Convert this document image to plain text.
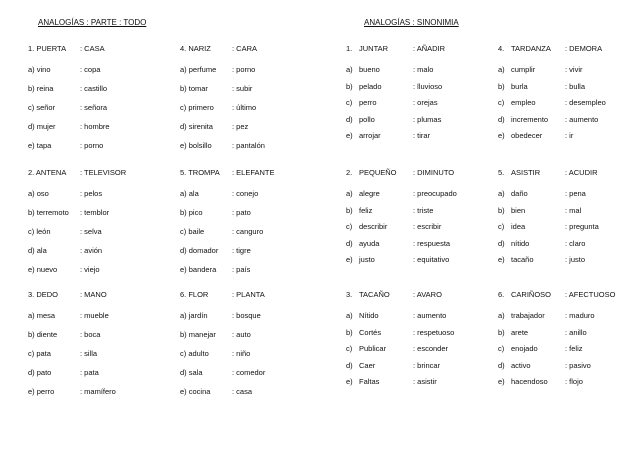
ANALOGÍAS : PARTE : TODO	ANALOGÍAS : SINONIMIA
1. PUERTA : CASA
a) vino	: copa
b) reina	: castillo
c) señor	: señora
d) mujer	: hombre
e) tapa	: porno
2. ANTENA : TELEVISOR
a) oso	: pelos
b) terremoto : temblor
c) león	: selva
d) ala	: avión
e) nuevo	: viejo
3. DEDO	: MANO
a) mesa	: mueble
b) diente	: boca
c) pata	: silla
d) pato	: pata
e) perro	: mamífero
4. NARIZ	: CARA
a) perfume : porno
b) tomar	: subir
c) primero : último
d) sirenita	: pez
e) bolsillo	: pantalón
5. TROMPA : ELEFANTE
a) ala	: conejo
b) pico	: pato
c) baile	: canguro
d) domador : tigre
e) bandera : país
6. FLOR	: PLANTA
a) jardín	: bosque
b) manejar : auto
c) adulto	: niño
d) sala	: comedor
e) cocina	: casa
1. JUNTAR	: AÑADIR
a) bueno	: malo
b) pelado	: lluvioso
c) perro	: orejas
d) pollo	: plumas
e) arrojar	: tirar
2. PEQUEÑO : DIMINUTO
a) alegre	: preocupado
b) feliz	: triste
c) describir	: escribir
d) ayuda	: respuesta
e) justo	: equitativo
3. TACAÑO	: AVARO
a) Nítido	: aumento
b) Cortés	: respetuoso
c) Publicar	: esconder
d) Caer	: brincar
e) Faltas	: asistir
4. TARDANZA : DEMORA
a) cumplir	: vivir
b) burla	: bulla
c) empleo	: desempleo
d) incremento : aumento
e) obedecer	: ir
5. ASISTIR	: ACUDIR
a) daño	: pena
b) bien	: mal
c) idea	: pregunta
d) nítido	: claro
e) tacaño	: justo
6. CARIÑOSO : AFECTUOSO
a) trabajador	: maduro
b) arete	: anillo
c) enojado	: feliz
d) activo	: pasivo
e) hacendoso : flojo
